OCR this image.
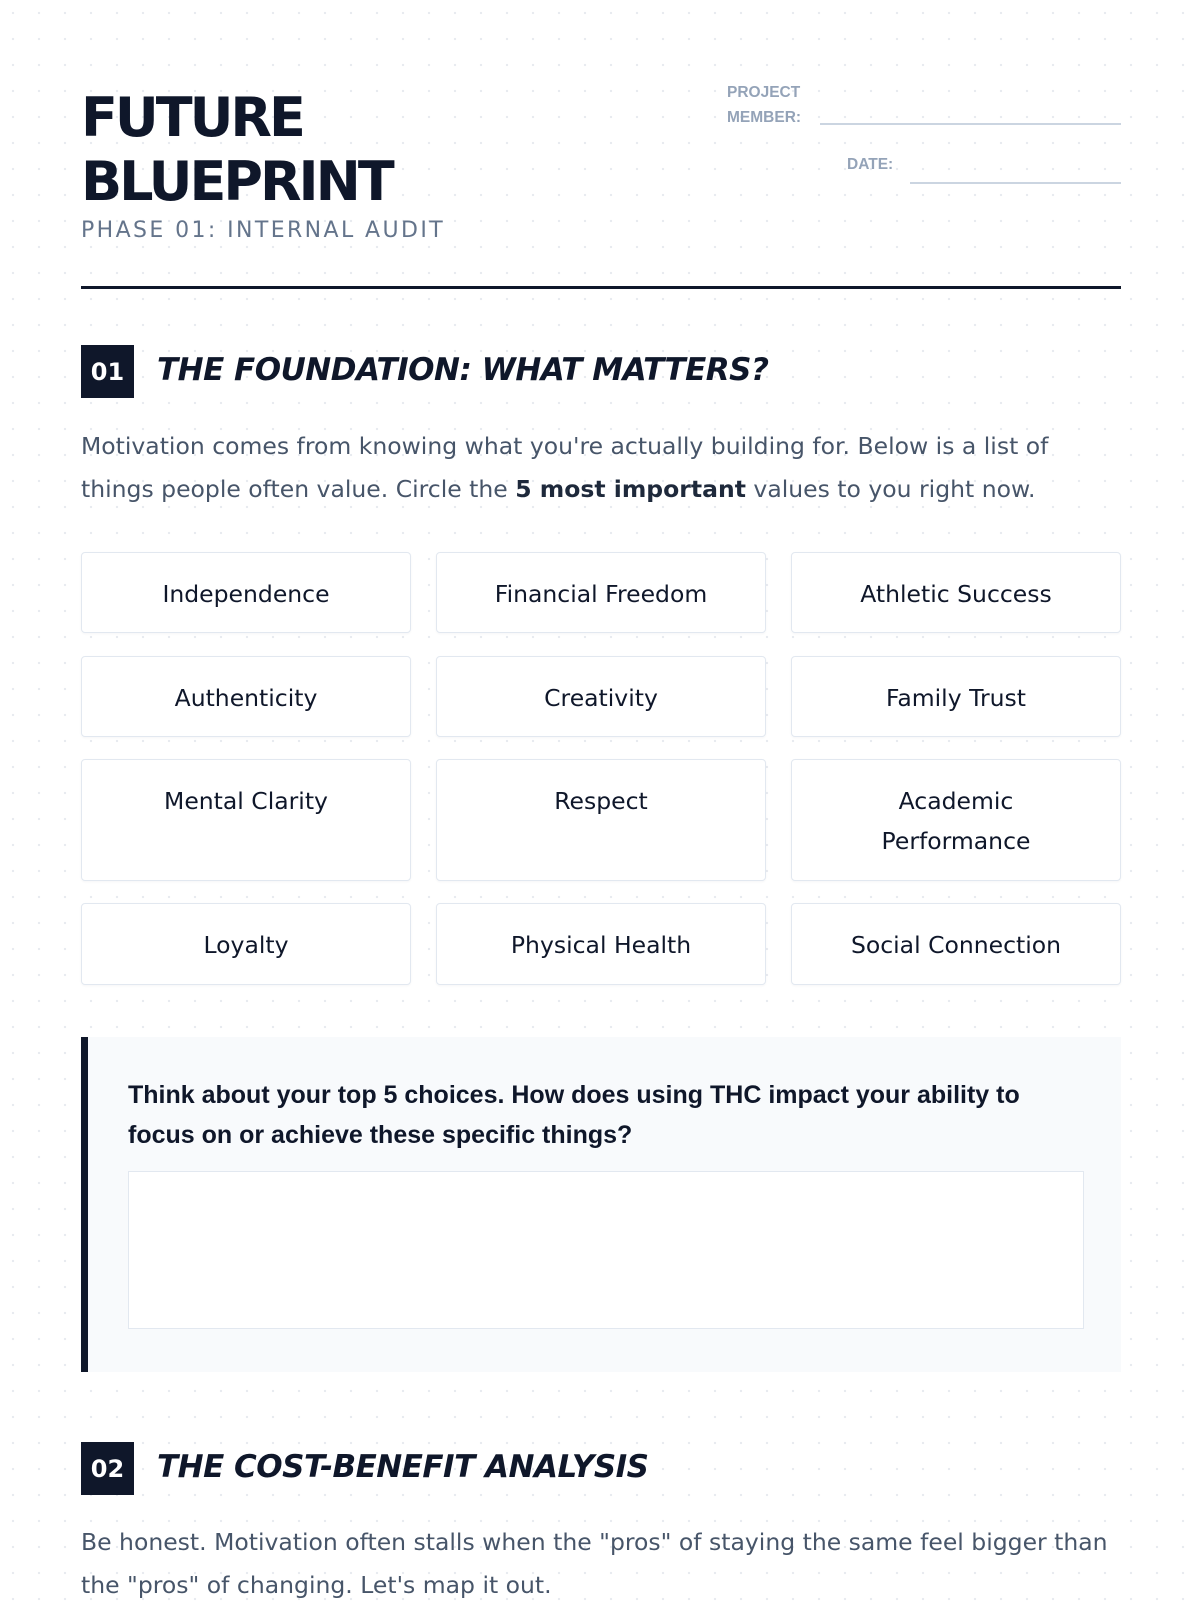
FUTURE
BLUEPRINT
PHASE 01: INTERNAL AUDIT
PROJECT
MEMBER:
DATE:
01	THE FOUNDATION: WHAT MATTERS?
Motivation comes from knowing what you're actually building for. Below is a list of things people often value. Circle the 5 most important values to you right now.
Independence	Financial Freedom	Athletic Success
Authenticity	Creativity	Family Trust
Mental Clarity	Respect	Academic Performance
Loyalty	Physical Health	Social Connection
Think about your top 5 choices. How does using THC impact your ability to focus on or achieve these specific things?
02	THE COST-BENEFIT ANALYSIS
Be honest. Motivation often stalls when the "pros" of staying the same feel bigger than the "pros" of changing. Let's map it out.
